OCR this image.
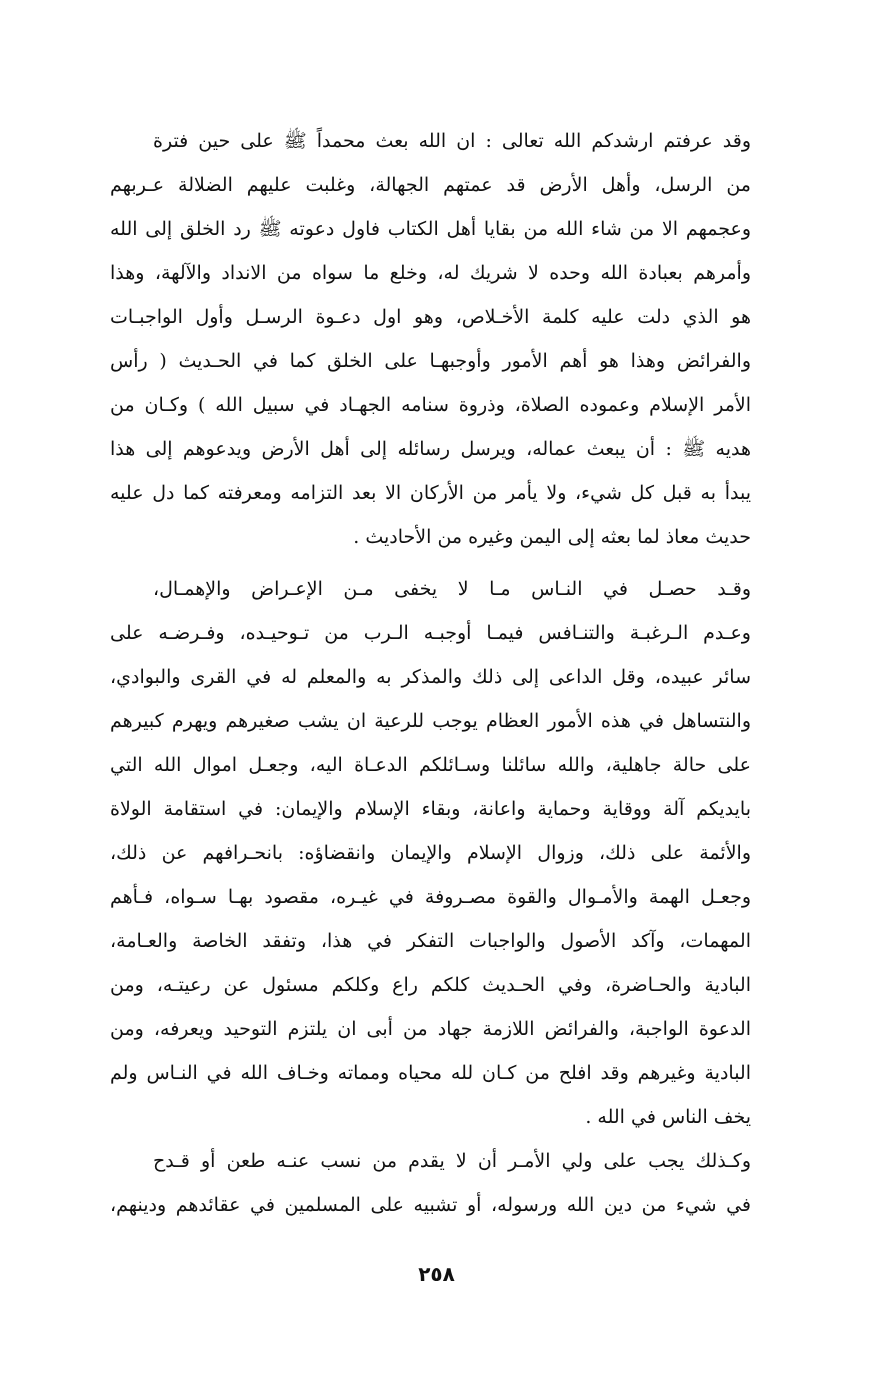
وقد عرفتم ارشدكم الله تعالى : ان الله بعث محمداً ﷺ على حين فترة
من الرسل، وأهل الأرض قد عمتهم الجهالة، وغلبت عليهم الضلالة عـربهم
وعجمهم الا من شاء الله من بقايا أهل الكتاب فاول دعوته ﷺ رد الخلق إلى الله
وأمرهم بعبادة الله وحده لا شريك له، وخلع ما سواه من الانداد والآلهة، وهذا
هو الذي دلت عليه كلمة الأخـلاص، وهو اول دعـوة الرسـل وأول الواجبـات
والفرائض وهذا هو أهم الأمور وأوجبهـا على الخلق كما في الحـديث ( رأس
الأمر الإسلام وعموده الصلاة، وذروة سنامه الجهـاد في سبيل الله ) وكـان من
هديه ﷺ : أن يبعث عماله، ويرسل رسائله إلى أهل الأرض ويدعوهم إلى هذا
يبدأ به قبل كل شيء، ولا يأمر من الأركان الا بعد التزامه ومعرفته كما دل عليه
حديث معاذ لما بعثه إلى اليمن وغيره من الأحاديث .
وقـد حصـل في النـاس مـا لا يخفى مـن الإعـراض والإهمـال،
وعـدم الـرغبـة والتنـافس فيمـا أوجبـه الـرب من تـوحيـده، وفـرضـه على
سائر عبيده، وقل الداعى إلى ذلك والمذكر به والمعلم له في القرى والبوادي،
والنتساهل في هذه الأمور العظام يوجب للرعية ان يشب صغيرهم ويهرم كبيرهم
على حالة جاهلية، والله سائلنا وسـائلكم الدعـاة اليه، وجعـل اموال الله التي
بايديكم آلة ووقاية وحماية واعانة، وبقاء الإسلام والإيمان: في استقامة الولاة
والأئمة على ذلك، وزوال الإسلام والإيمان وانقضاؤه: بانحـرافهم عن ذلك،
وجعـل الهمة والأمـوال والقوة مصـروفة في غيـره، مقصود بهـا سـواه، فـأهم
المهمات، وآكد الأصول والواجبات التفكر في هذا، وتفقد الخاصة والعـامة،
البادية والحـاضرة، وفي الحـديث كلكم راع وكلكم مسئول عن رعيتـه، ومن
الدعوة الواجبة، والفرائض اللازمة جهاد من أبى ان يلتزم التوحيد ويعرفه، ومن
البادية وغيرهم وقد افلح من كـان لله محياه ومماته وخـاف الله في النـاس ولم
يخف الناس في الله .
وكـذلك يجب على ولي الأمـر أن لا يقدم من نسب عنـه طعن أو قـدح
في شيء من دين الله ورسوله، أو تشبيه على المسلمين في عقائدهم ودينهم،
٢٥٨
